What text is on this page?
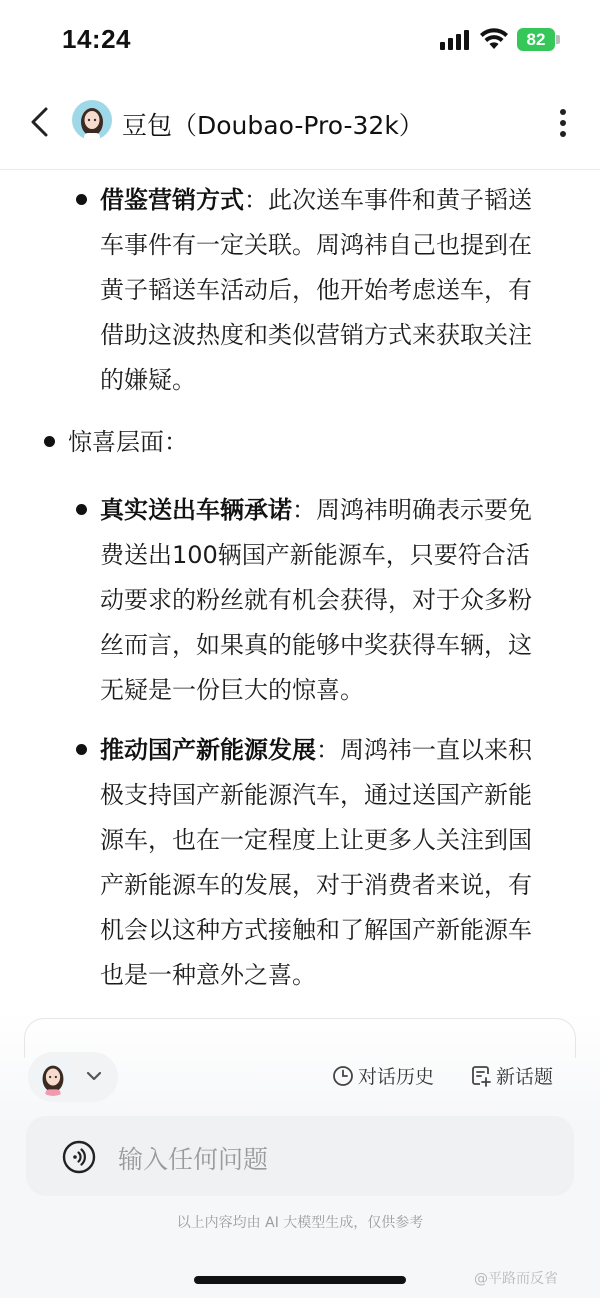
14:24	82
豆包（Doubao-Pro-32k）
借鉴营销方式：此次送车事件和黄子韬送
车事件有一定关联。周鸿祎自己也提到在
黄子韬送车活动后，他开始考虑送车，有
借助这波热度和类似营销方式来获取关注
的嫌疑。
惊喜层面：
真实送出车辆承诺：周鸿祎明确表示要免
费送出100辆国产新能源车，只要符合活
动要求的粉丝就有机会获得，对于众多粉
丝而言，如果真的能够中奖获得车辆，这
无疑是一份巨大的惊喜。
推动国产新能源发展：周鸿祎一直以来积
极支持国产新能源汽车，通过送国产新能
源车，也在一定程度上让更多人关注到国
产新能源车的发展，对于消费者来说，有
机会以这种方式接触和了解国产新能源车
也是一种意外之喜。
对话历史	新话题
输入任何问题
以上内容均由 AI 大模型生成，仅供参考
@平路而反省
